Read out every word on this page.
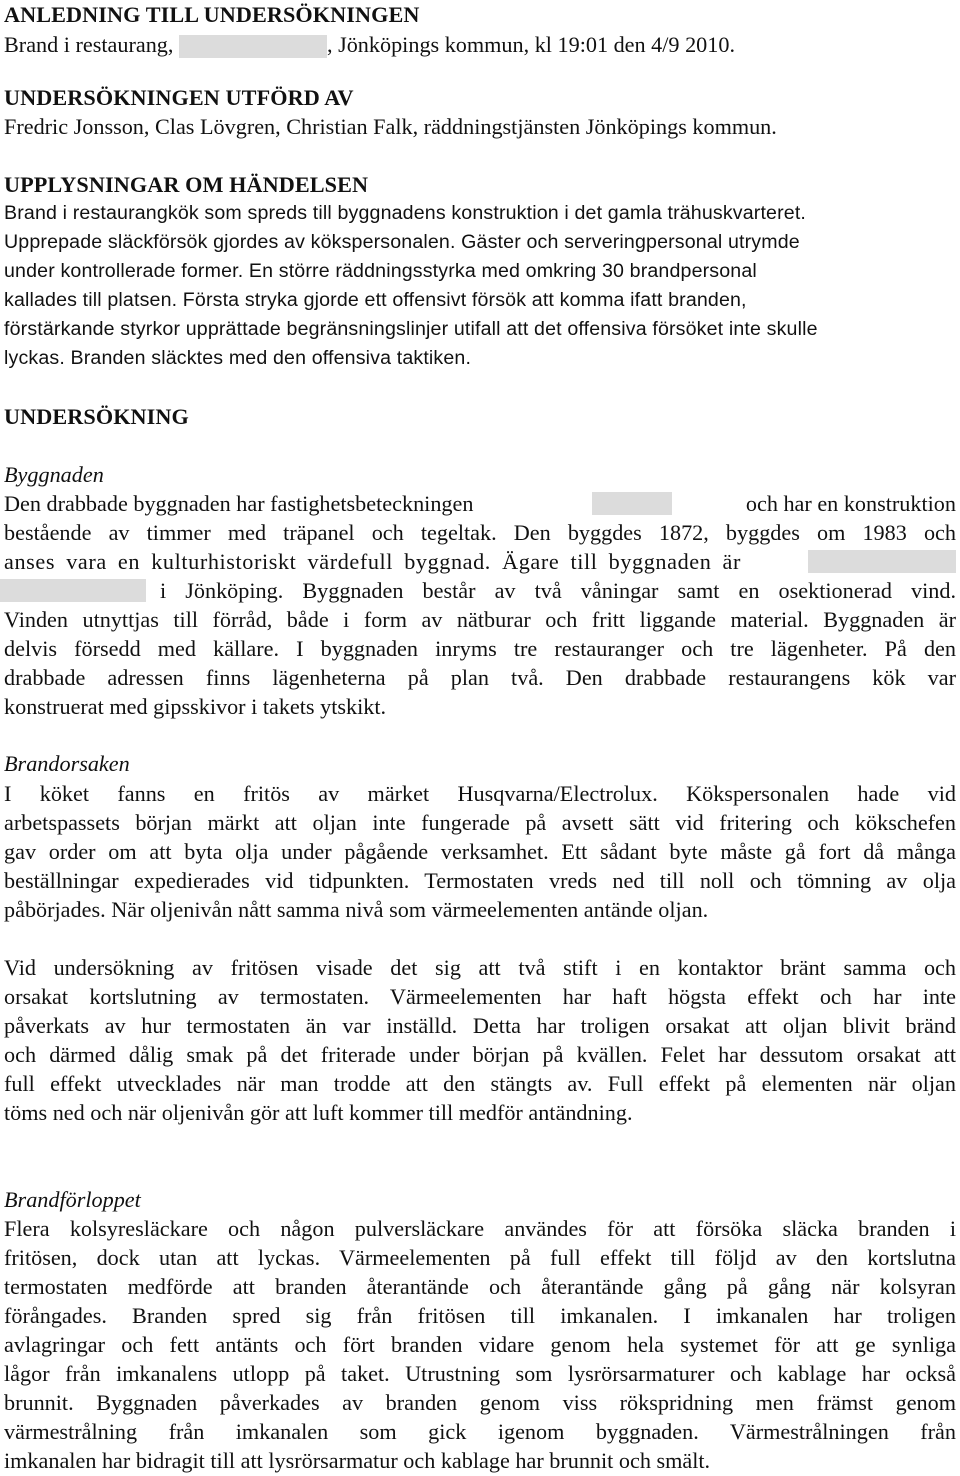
ANLEDNING TILL UNDERSÖKNINGEN

Brand i restaurang,	, Jönköpings kommun, kl 19:01 den 4/9 2010.

UNDERSÖKNINGEN UTFÖRD AV

Fredric Jonsson, Clas Lövgren, Christian Falk, räddningstjänsten Jönköpings kommun.

UPPLYSNINGAR OM HÄNDELSEN

Brand i restaurangkök som spreds till byggnadens konstruktion i det gamla trähuskvarteret.

Upprepade släckförsök gjordes av kökspersonalen. Gäster och serveringpersonal utrymde

under kontrollerade former. En större räddningsstyrka med omkring 30 brandpersonal

kallades till platsen. Första stryka gjorde ett offensivt försök att komma ifatt branden,

förstärkande styrkor upprättade begränsningslinjer utifall att det offensiva försöket inte skulle

lyckas. Branden släcktes med den offensiva taktiken.

UNDERSÖKNING

Byggnaden

Den drabbade byggnaden har fastighetsbeteckningen	och har en konstruktion

bestående av timmer med träpanel och tegeltak. Den byggdes 1872, byggdes om 1983 och

anses vara en kulturhistoriskt värdefull byggnad. Ägare till byggnaden är

i Jönköping. Byggnaden består av två våningar samt en osektionerad vind.

Vinden utnyttjas till förråd, både i form av nätburar och fritt liggande material. Byggnaden är

delvis försedd med källare. I byggnaden inryms tre restauranger och tre lägenheter. På den

drabbade adressen finns lägenheterna på plan två. Den drabbade restaurangens kök var

konstruerat med gipsskivor i takets ytskikt.

Brandorsaken

I köket fanns en fritös av märket Husqvarna/Electrolux. Kökspersonalen hade vid

arbetspassets början märkt att oljan inte fungerade på avsett sätt vid fritering och kökschefen

gav order om att byta olja under pågående verksamhet. Ett sådant byte måste gå fort då många

beställningar expedierades vid tidpunkten. Termostaten vreds ned till noll och tömning av olja

påbörjades. När oljenivån nått samma nivå som värmeelementen antände oljan.

Vid undersökning av fritösen visade det sig att två stift i en kontaktor bränt samma och

orsakat kortslutning av termostaten. Värmeelementen har haft högsta effekt och har inte

påverkats av hur termostaten än var inställd. Detta har troligen orsakat att oljan blivit bränd

och därmed dålig smak på det friterade under början på kvällen. Felet har dessutom orsakat att

full effekt utvecklades när man trodde att den stängts av. Full effekt på elementen när oljan

töms ned och när oljenivån gör att luft kommer till medför antändning.

Brandförloppet

Flera kolsyresläckare och någon pulversläckare användes för att försöka släcka branden i

fritösen, dock utan att lyckas. Värmeelementen på full effekt till följd av den kortslutna

termostaten medförde att branden återantände och återantände gång på gång när kolsyran

förångades. Branden spred sig från fritösen till imkanalen. I imkanalen har troligen

avlagringar och fett antänts och fört branden vidare genom hela systemet för att ge synliga

lågor från imkanalens utlopp på taket. Utrustning som lysrörsarmaturer och kablage har också

brunnit. Byggnaden påverkades av branden genom viss rökspridning men främst genom

värmestrålning från imkanalen som gick igenom byggnaden. Värmestrålningen från

imkanalen har bidragit till att lysrörsarmatur och kablage har brunnit och smält.
